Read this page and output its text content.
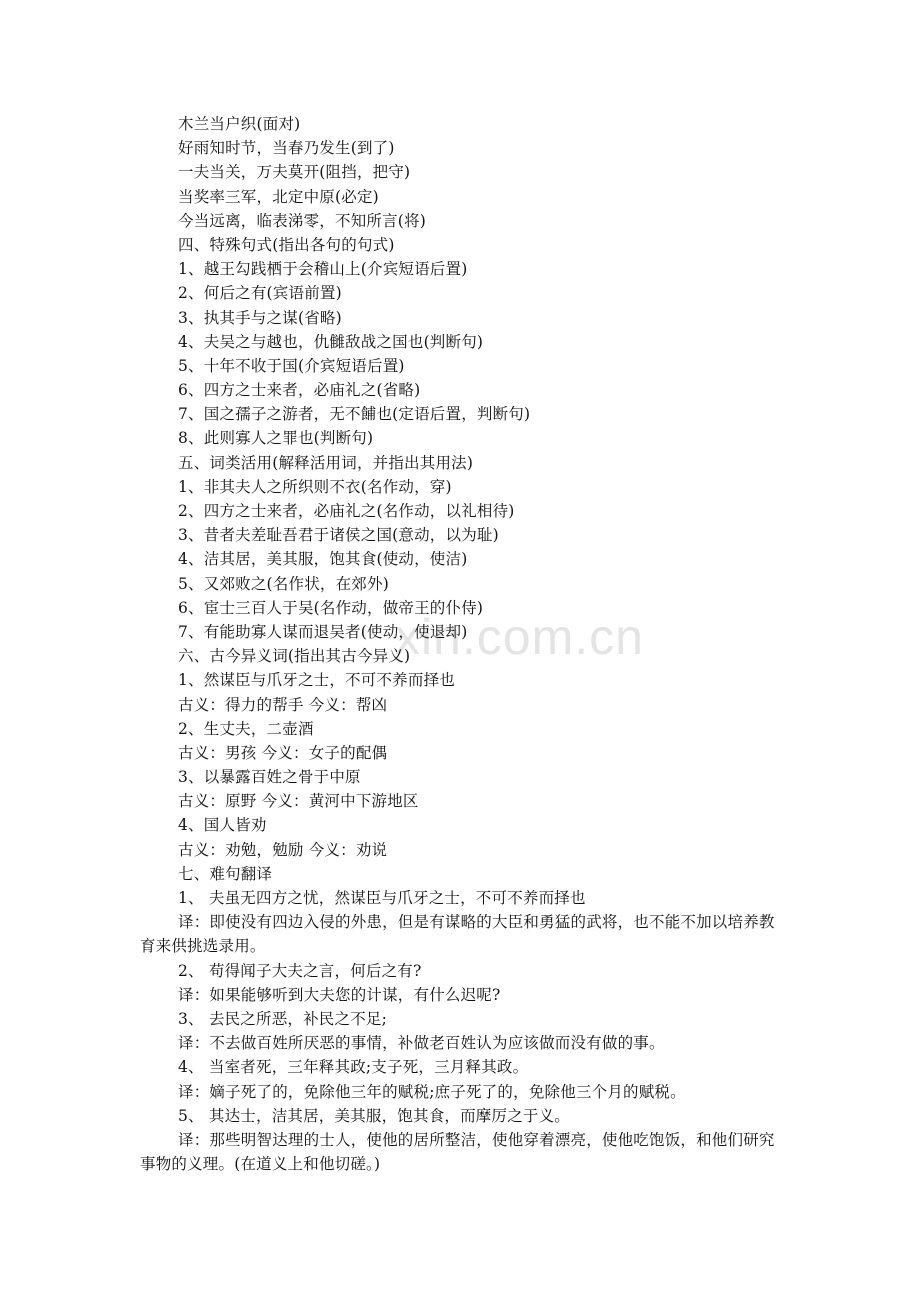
xin.com.cn
木兰当户织(面对)
好雨知时节，当春乃发生(到了)
一夫当关，万夫莫开(阻挡，把守)
当奖率三军，北定中原(必定)
今当远离，临表涕零，不知所言(将)
四、特殊句式(指出各句的句式)
1、越王勾践栖于会稽山上(介宾短语后置)
2、何后之有(宾语前置)
3、执其手与之谋(省略)
4、夫吴之与越也，仇雠敌战之国也(判断句)
5、十年不收于国(介宾短语后置)
6、四方之士来者，必庙礼之(省略)
7、国之孺子之游者，无不餔也(定语后置，判断句)
8、此则寡人之罪也(判断句)
五、词类活用(解释活用词，并指出其用法)
1、非其夫人之所织则不衣(名作动，穿)
2、四方之士来者，必庙礼之(名作动，以礼相待)
3、昔者夫差耻吾君于诸侯之国(意动，以为耻)
4、洁其居，美其服，饱其食(使动，使洁)
5、又郊败之(名作状，在郊外)
6、宦士三百人于吴(名作动，做帝王的仆侍)
7、有能助寡人谋而退吴者(使动，使退却)
六、古今异义词(指出其古今异义)
1、然谋臣与爪牙之士，不可不养而择也
古义：得力的帮手 今义：帮凶
2、生丈夫，二壶酒
古义：男孩 今义：女子的配偶
3、以暴露百姓之骨于中原
古义：原野 今义：黄河中下游地区
4、国人皆劝
古义：劝勉，勉励 今义：劝说
七、难句翻译
1、 夫虽无四方之忧，然谋臣与爪牙之士，不可不养而择也
译：即使没有四边入侵的外患，但是有谋略的大臣和勇猛的武将，也不能不加以培养教育来供挑选录用。
2、 苟得闻子大夫之言，何后之有?
译：如果能够听到大夫您的计谋，有什么迟呢?
3、 去民之所恶，补民之不足;
译：不去做百姓所厌恶的事情，补做老百姓认为应该做而没有做的事。
4、 当室者死，三年释其政;支子死，三月释其政。
译：嫡子死了的，免除他三年的赋税;庶子死了的，免除他三个月的赋税。
5、 其达士，洁其居，美其服，饱其食，而摩厉之于义。
译：那些明智达理的士人，使他的居所整洁，使他穿着漂亮，使他吃饱饭，和他们研究事物的义理。(在道义上和他切磋。)
